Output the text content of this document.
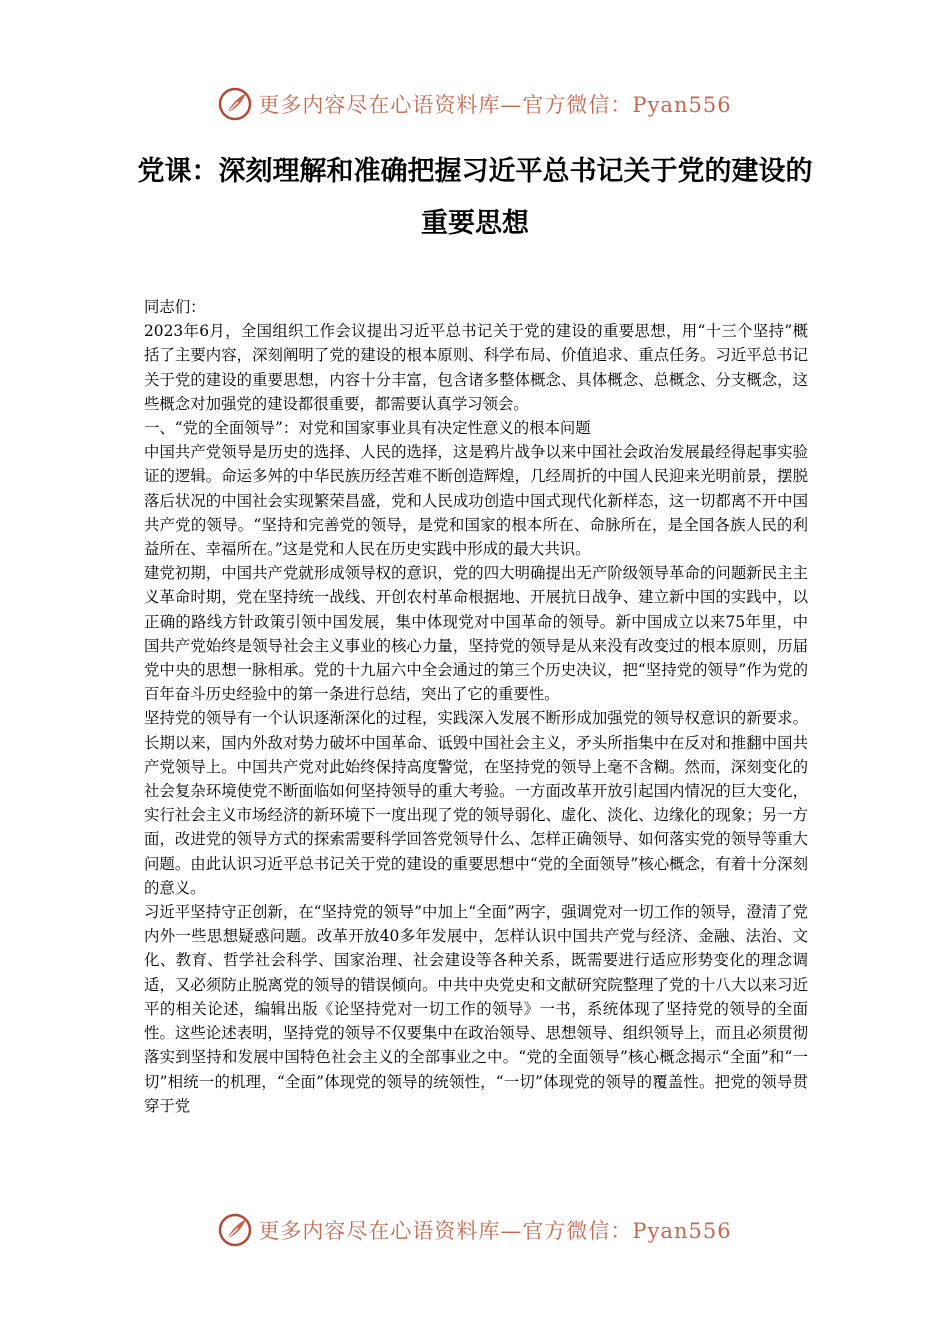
更多内容尽在心语资料库—官方微信：Pyan556
党课：深刻理解和准确把握习近平总书记关于党的建设的重要思想

同志们：

2023年6月，全国组织工作会议提出习近平总书记关于党的建设的重要思想，用“十三个坚持”概括了主要内容，深刻阐明了党的建设的根本原则、科学布局、价值追求、重点任务。习近平总书记关于党的建设的重要思想，内容十分丰富，包含诸多整体概念、具体概念、总概念、分支概念，这些概念对加强党的建设都很重要，都需要认真学习领会。

一、“党的全面领导”：对党和国家事业具有决定性意义的根本问题

中国共产党领导是历史的选择、人民的选择，这是鸦片战争以来中国社会政治发展最经得起事实验证的逻辑。命运多舛的中华民族历经苦难不断创造辉煌，几经周折的中国人民迎来光明前景，摆脱落后状况的中国社会实现繁荣昌盛，党和人民成功创造中国式现代化新样态，这一切都离不开中国共产党的领导。“坚持和完善党的领导，是党和国家的根本所在、命脉所在，是全国各族人民的利益所在、幸福所在。”这是党和人民在历史实践中形成的最大共识。

建党初期，中国共产党就形成领导权的意识，党的四大明确提出无产阶级领导革命的问题新民主主义革命时期，党在坚持统一战线、开创农村革命根据地、开展抗日战争、建立新中国的实践中，以正确的路线方针政策引领中国发展，集中体现党对中国革命的领导。新中国成立以来75年里，中国共产党始终是领导社会主义事业的核心力量，坚持党的领导是从来没有改变过的根本原则，历届党中央的思想一脉相承。党的十九届六中全会通过的第三个历史决议，把“坚持党的领导”作为党的百年奋斗历史经验中的第一条进行总结，突出了它的重要性。

坚持党的领导有一个认识逐渐深化的过程，实践深入发展不断形成加强党的领导权意识的新要求。长期以来，国内外敌对势力破坏中国革命、诋毁中国社会主义，矛头所指集中在反对和推翻中国共产党领导上。中国共产党对此始终保持高度警觉，在坚持党的领导上毫不含糊。然而，深刻变化的社会复杂环境使党不断面临如何坚持领导的重大考验。一方面改革开放引起国内情况的巨大变化，实行社会主义市场经济的新环境下一度出现了党的领导弱化、虚化、淡化、边缘化的现象；另一方面，改进党的领导方式的探索需要科学回答党领导什么、怎样正确领导、如何落实党的领导等重大问题。由此认识习近平总书记关于党的建设的重要思想中“党的全面领导”核心概念，有着十分深刻的意义。

习近平坚持守正创新，在“坚持党的领导”中加上“全面”两字，强调党对一切工作的领导，澄清了党内外一些思想疑惑问题。改革开放40多年发展中，怎样认识中国共产党与经济、金融、法治、文化、教育、哲学社会科学、国家治理、社会建设等各种关系，既需要进行适应形势变化的理念调适，又必须防止脱离党的领导的错误倾向。中共中央党史和文献研究院整理了党的十八大以来习近平的相关论述，编辑出版《论坚持党对一切工作的领导》一书，系统体现了坚持党的领导的全面性。这些论述表明，坚持党的领导不仅要集中在政治领导、思想领导、组织领导上，而且必须贯彻落实到坚持和发展中国特色社会主义的全部事业之中。“党的全面领导”核心概念揭示“全面”和“一切”相统一的机理，“全面”体现党的领导的统领性，“一切”体现党的领导的覆盖性。把党的领导贯穿于党

更多内容尽在心语资料库—官方微信：Pyan556
